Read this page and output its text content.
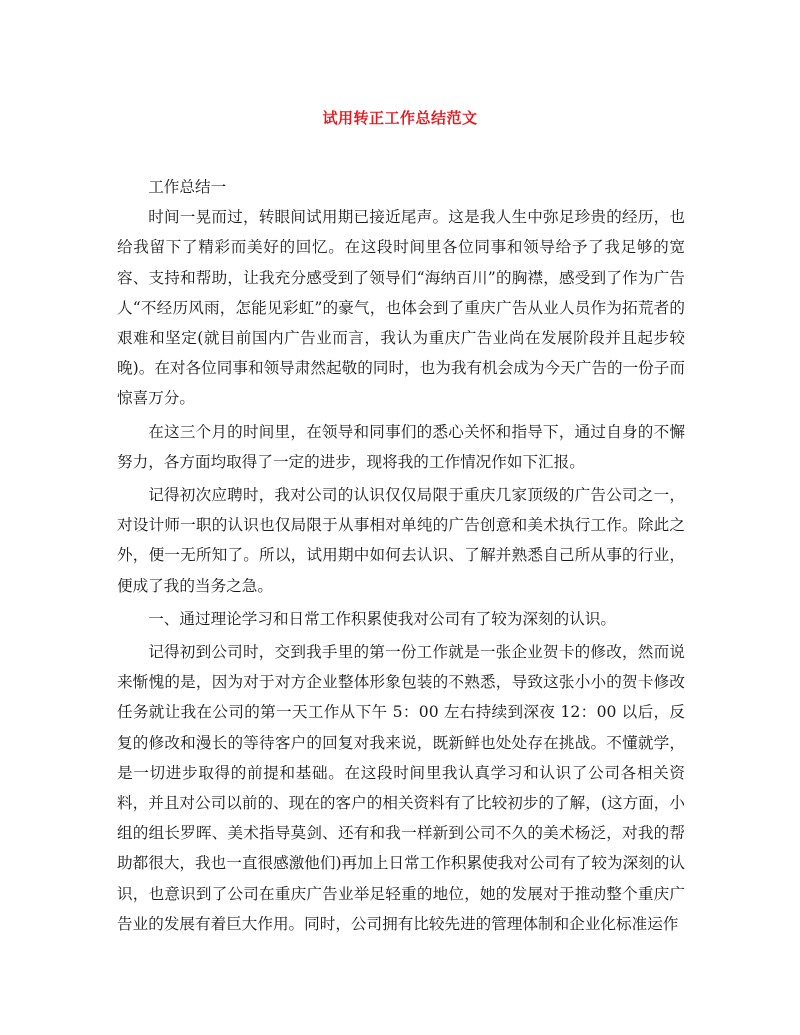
试用转正工作总结范文

工作总结一

时间一晃而过，转眼间试用期已接近尾声。这是我人生中弥足珍贵的经历，也给我留下了精彩而美好的回忆。在这段时间里各位同事和领导给予了我足够的宽容、支持和帮助，让我充分感受到了领导们“海纳百川”的胸襟，感受到了作为广告人“不经历风雨，怎能见彩虹”的豪气，也体会到了重庆广告从业人员作为拓荒者的艰难和坚定(就目前国内广告业而言，我认为重庆广告业尚在发展阶段并且起步较晚)。在对各位同事和领导肃然起敬的同时，也为我有机会成为今天广告的一份子而惊喜万分。

在这三个月的时间里，在领导和同事们的悉心关怀和指导下，通过自身的不懈努力，各方面均取得了一定的进步，现将我的工作情况作如下汇报。

记得初次应聘时，我对公司的认识仅仅局限于重庆几家顶级的广告公司之一，对设计师一职的认识也仅局限于从事相对单纯的广告创意和美术执行工作。除此之外，便一无所知了。所以，试用期中如何去认识、了解并熟悉自己所从事的行业，便成了我的当务之急。

一、通过理论学习和日常工作积累使我对公司有了较为深刻的认识。

记得初到公司时，交到我手里的第一份工作就是一张企业贺卡的修改，然而说来惭愧的是，因为对于对方企业整体形象包装的不熟悉，导致这张小小的贺卡修改任务就让我在公司的第一天工作从下午 5：00 左右持续到深夜 12：00 以后，反复的修改和漫长的等待客户的回复对我来说，既新鲜也处处存在挑战。不懂就学，是一切进步取得的前提和基础。在这段时间里我认真学习和认识了公司各相关资料，并且对公司以前的、现在的客户的相关资料有了比较初步的了解，(这方面，小组的组长罗晖、美术指导莫剑、还有和我一样新到公司不久的美术杨泛，对我的帮助都很大，我也一直很感激他们)再加上日常工作积累使我对公司有了较为深刻的认识，也意识到了公司在重庆广告业举足轻重的地位，她的发展对于推动整个重庆广告业的发展有着巨大作用。同时，公司拥有比较先进的管理体制和企业化标准运作
